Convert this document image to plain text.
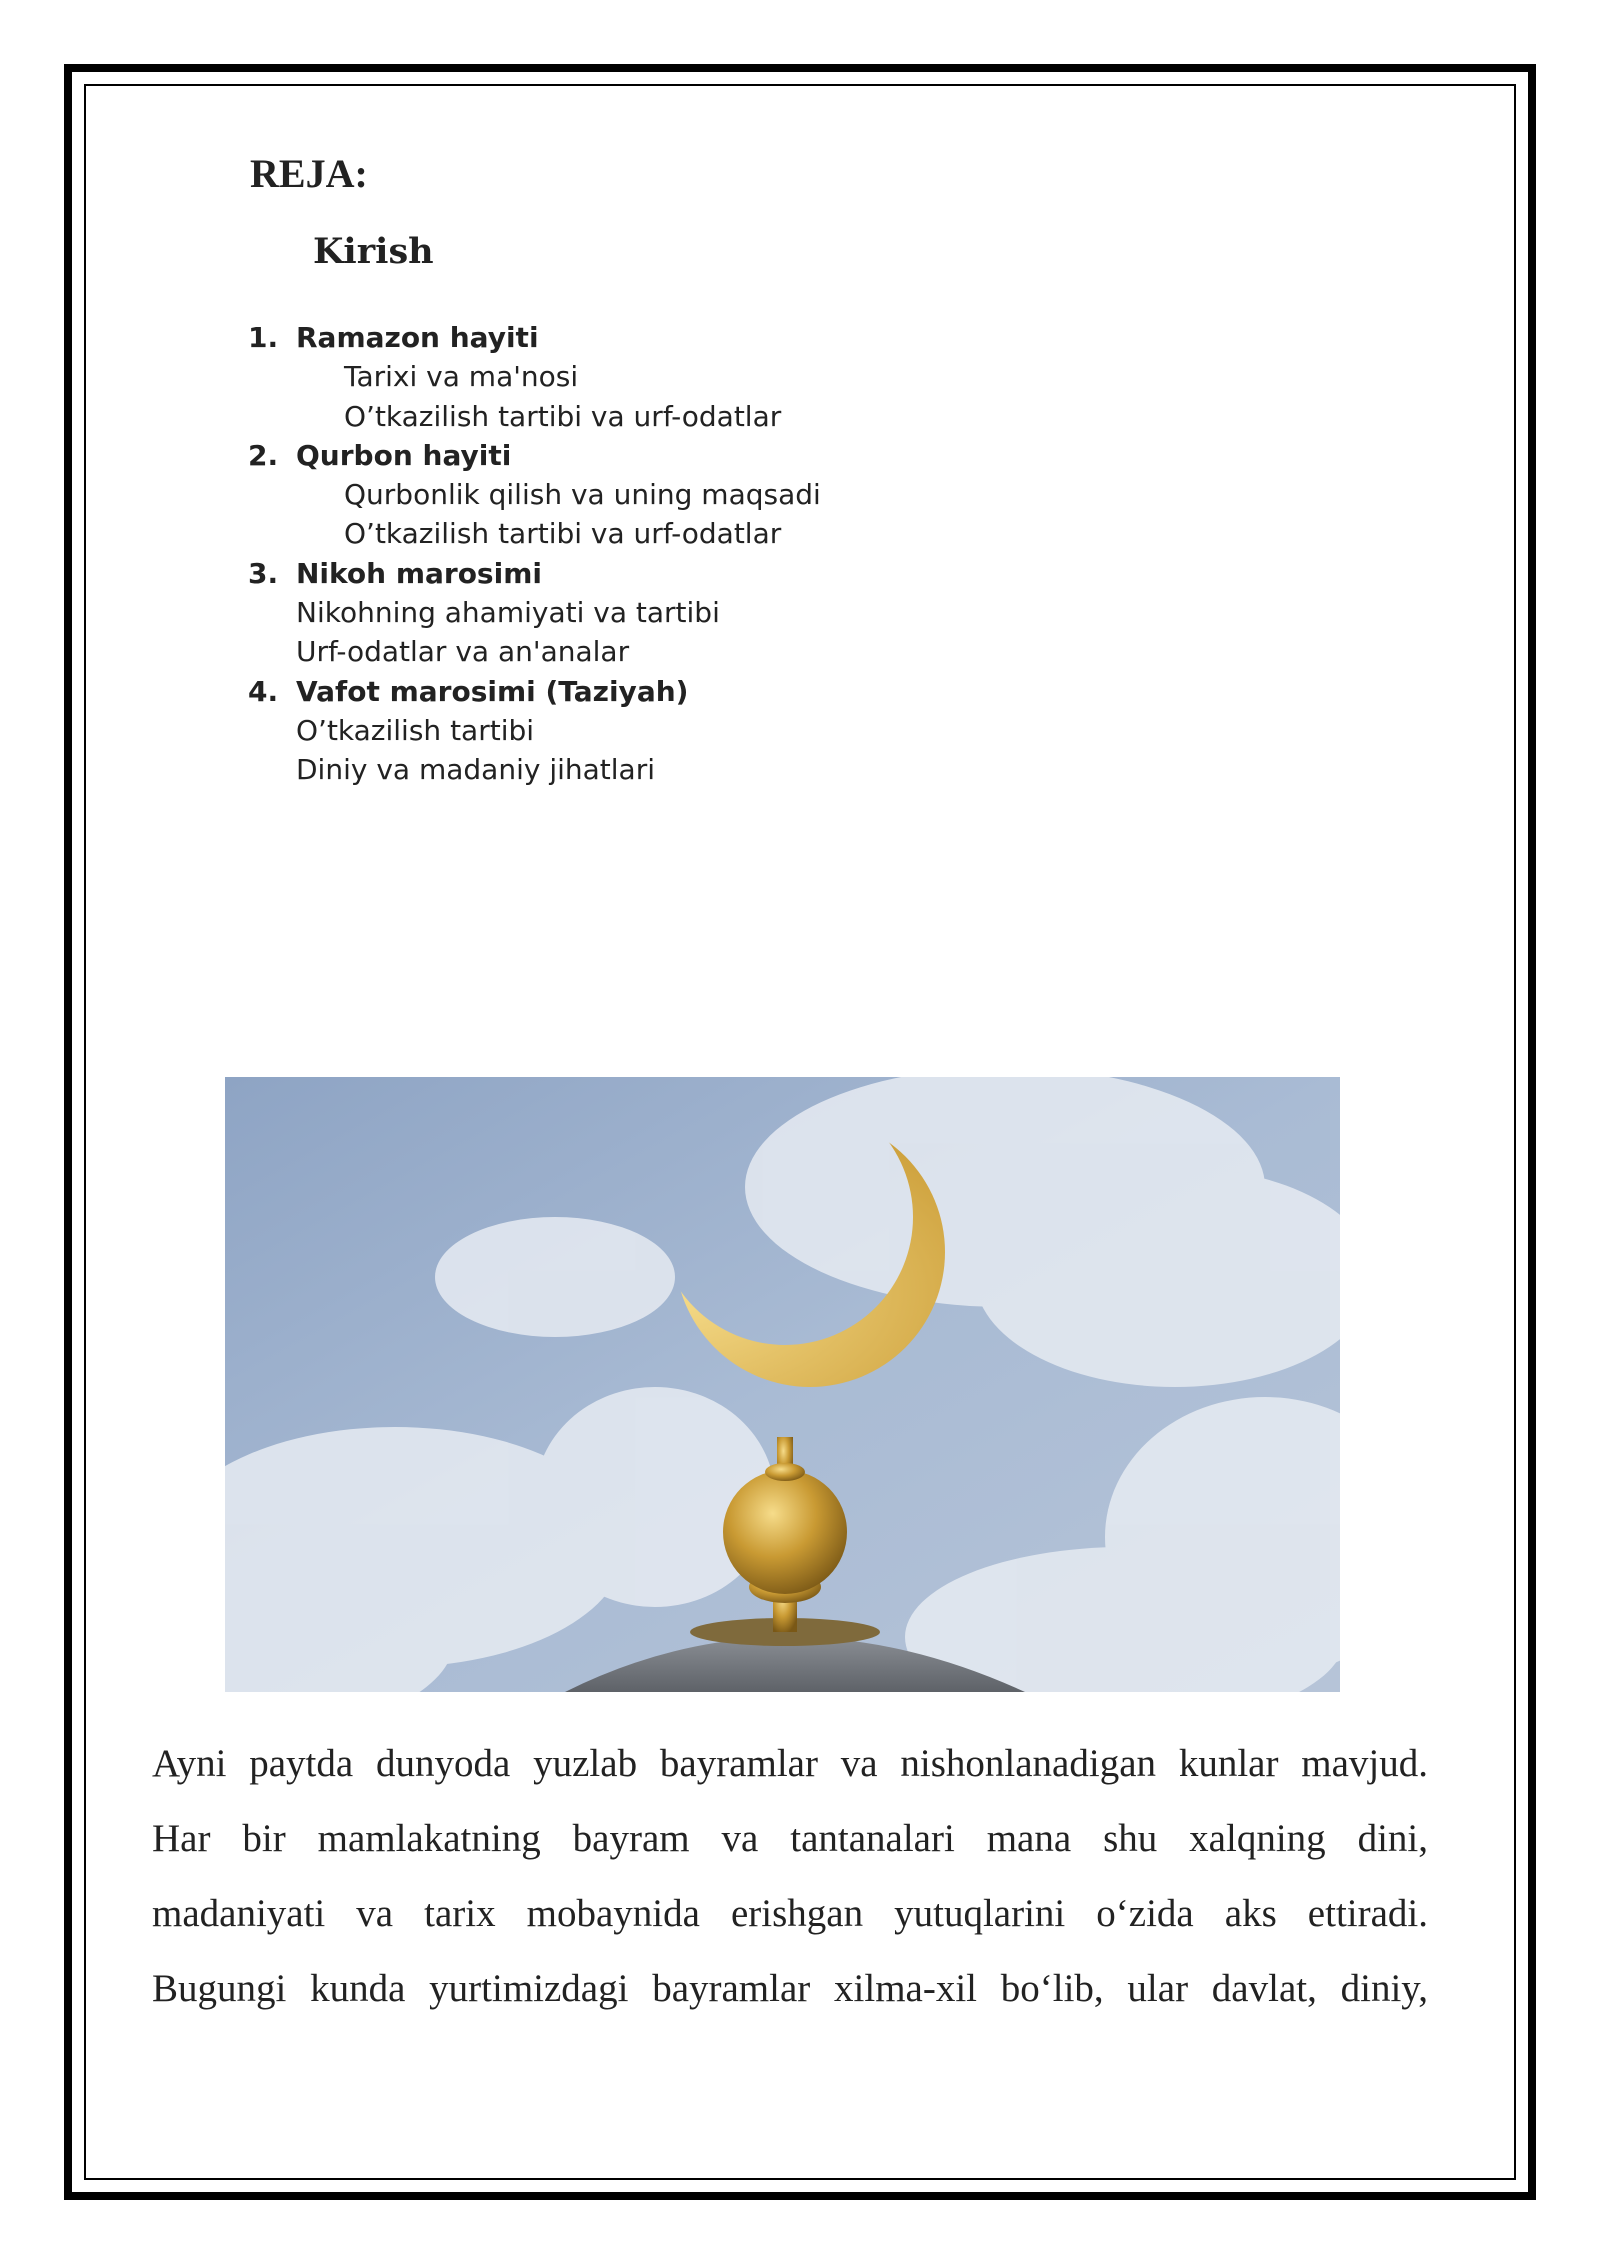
REJA:
Kirish
1. Ramazon hayiti
Tarixi va ma'nosi
O’tkazilish tartibi va urf-odatlar
2. Qurbon hayiti
Qurbonlik qilish va uning maqsadi
O’tkazilish tartibi va urf-odatlar
3. Nikoh marosimi
Nikohning ahamiyati va tartibi
Urf-odatlar va an'analar
4. Vafot marosimi (Taziyah)
O’tkazilish tartibi
Diniy va madaniy jihatlari

Ayni paytda dunyoda yuzlab bayramlar va nishonlanadigan kunlar mavjud.
Har bir mamlakatning bayram va tantanalari mana shu xalqning dini,
madaniyati va tarix mobaynida erishgan yutuqlarini o‘zida aks ettiradi.
Bugungi kunda yurtimizdagi bayramlar xilma-xil bo‘lib, ular davlat, diniy,
